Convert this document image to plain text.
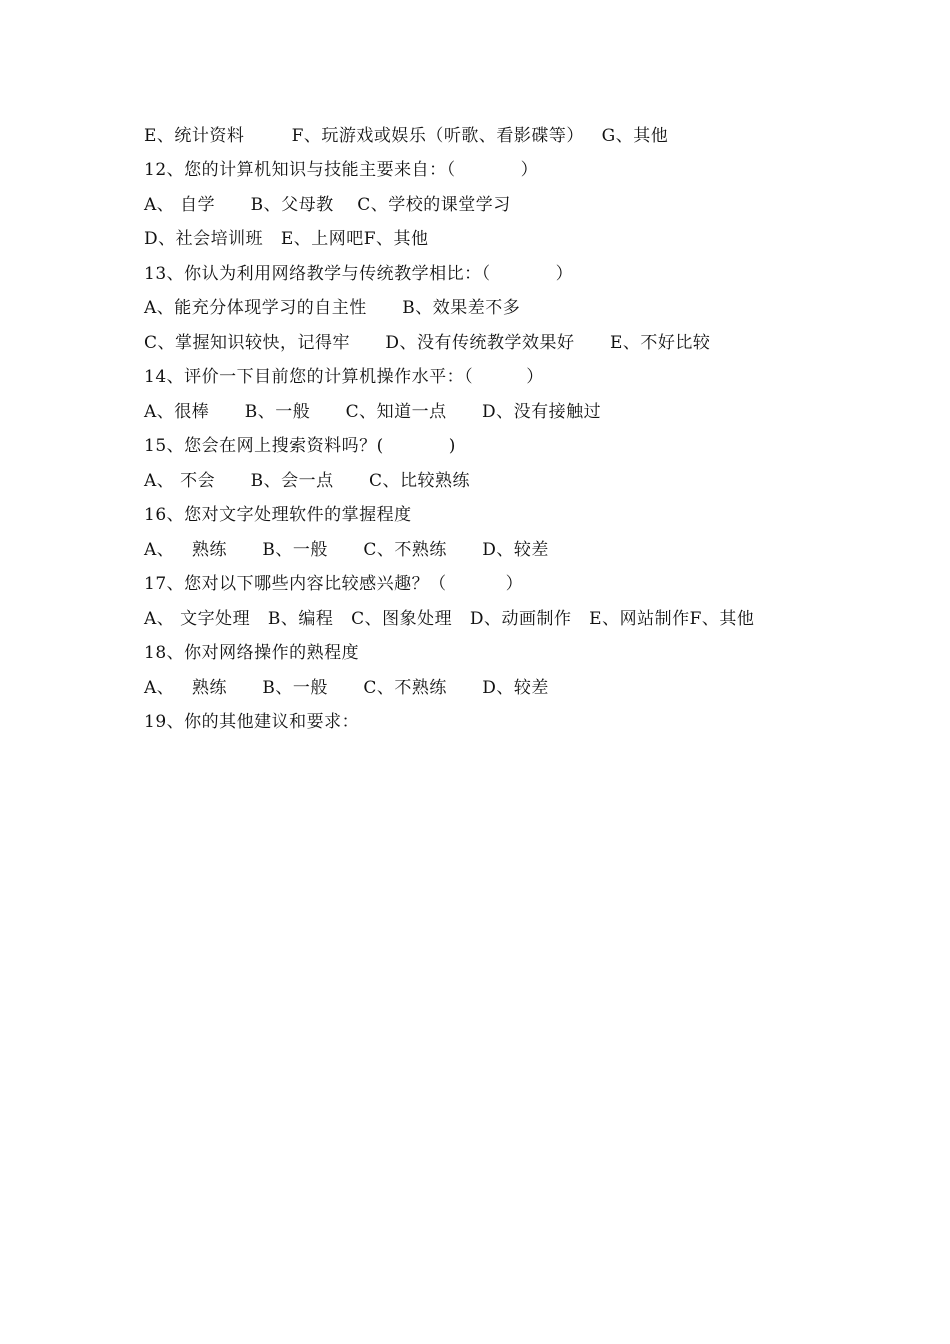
E、统计资料        F、玩游戏或娱乐（听歌、看影碟等）   G、其他
12、您的计算机知识与技能主要来自：（           ）
A、 自学      B、父母教    C、学校的课堂学习
D、社会培训班   E、上网吧F、其他
13、你认为利用网络教学与传统教学相比：（           ）
A、能充分体现学习的自主性      B、效果差不多
C、掌握知识较快，记得牢      D、没有传统教学效果好      E、不好比较
14、评价一下目前您的计算机操作水平：（         ）
A、很棒      B、一般      C、知道一点      D、没有接触过
15、您会在网上搜索资料吗？(           )
A、 不会      B、会一点      C、比较熟练
16、您对文字处理软件的掌握程度
A、   熟练      B、一般      C、不熟练      D、较差
17、您对以下哪些内容比较感兴趣？（          ）
A、 文字处理   B、编程   C、图象处理   D、动画制作   E、网站制作F、其他
18、你对网络操作的熟程度
A、   熟练      B、一般      C、不熟练      D、较差
19、你的其他建议和要求：
